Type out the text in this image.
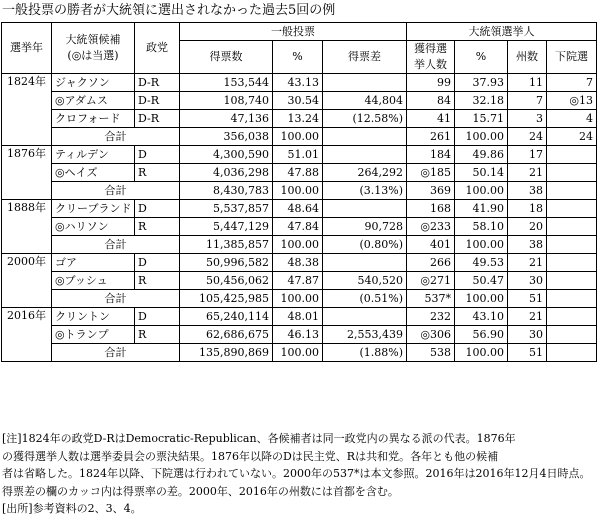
一般投票の勝者が大統領に選出されなかった過去5回の例
選挙年	大統領候補
(◎は当選)	政党	一般投票			大統領選挙人			
			得票数	%	得票差	獲得選
挙人数	%	州数	下院選
1824年	ジャクソン	D-R	153,544	43.13		99	37.93	11	7
	◎アダムス	D-R	108,740	30.54	44,804	84	32.18	7	◎13
	クロフォード	D-R	47,136	13.24	(12.58%)	41	15.71	3	4
	合計		356,038	100.00		261	100.00	24	24
1876年	ティルデン	D	4,300,590	51.01		184	49.86	17	
	◎ヘイズ	R	4,036,298	47.88	264,292	◎185	50.14	21	
	合計		8,430,783	100.00	(3.13%)	369	100.00	38	
1888年	クリーブランド	D	5,537,857	48.64		168	41.90	18	
	◎ハリソン	R	5,447,129	47.84	90,728	◎233	58.10	20	
	合計		11,385,857	100.00	(0.80%)	401	100.00	38	
2000年	ゴア	D	50,996,582	48.38		266	49.53	21	
	◎ブッシュ	R	50,456,062	47.87	540,520	◎271	50.47	30	
	合計		105,425,985	100.00	(0.51%)	537*	100.00	51	
2016年	クリントン	D	65,240,114	48.01		232	43.10	21	
	◎トランプ	R	62,686,675	46.13	2,553,439	◎306	56.90	30	
	合計		135,890,869	100.00	(1.88%)	538	100.00	51	
[注]1824年の政党D-RはDemocratic-Republican、各候補者は同一政党内の異なる派の代表。1876年
の獲得選挙人数は選挙委員会の票決結果。1876年以降のDは民主党、Rは共和党。各年とも他の候補
者は省略した。1824年以降、下院選は行われていない。2000年の537*は本文参照。2016年は2016年12月4日時点。
得票差の欄のカッコ内は得票率の差。2000年、2016年の州数には首都を含む。
[出所]参考資料の2、3、4。
